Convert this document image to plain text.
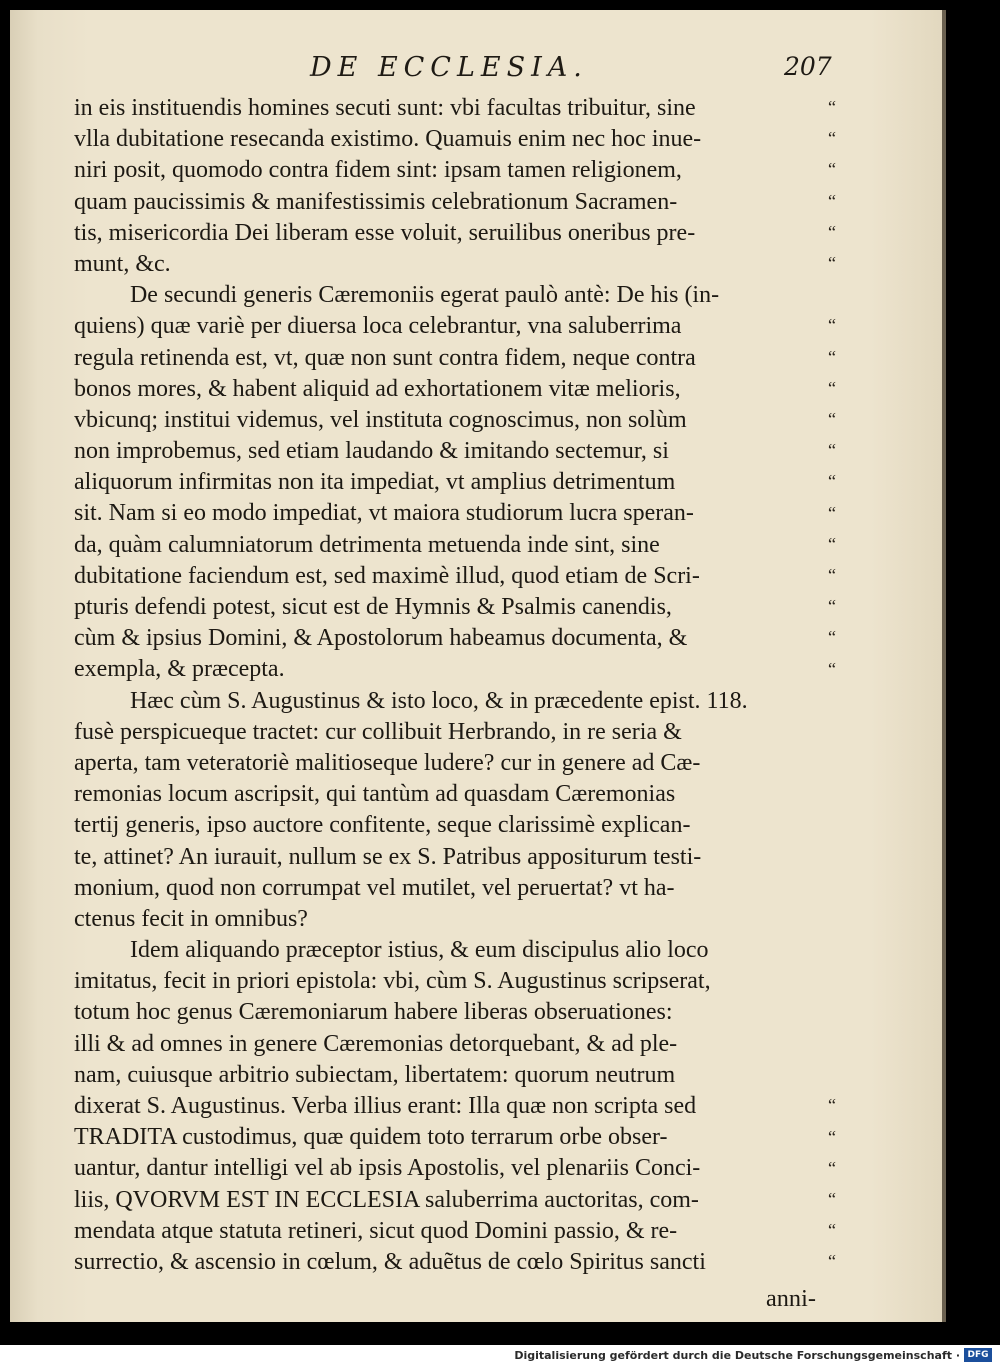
DE ECCLESIA.	207
in eis instituendis homines secuti sunt: vbi facultas tribuitur, sine
vlla dubitatione resecanda existimo. Quamuis enim nec hoc inue-
niri posit, quomodo contra fidem sint: ipsam tamen religionem,
quam paucissimis & manifestissimis celebrationum Sacramen-
tis, misericordia Dei liberam esse voluit, seruilibus oneribus pre-
munt, &c.
De secundi generis Cæremoniis egerat paulò antè: De his (in-
quiens) quæ variè per diuersa loca celebrantur, vna saluberrima
regula retinenda est, vt, quæ non sunt contra fidem, neque contra
bonos mores, & habent aliquid ad exhortationem vitæ melioris,
vbicunq; institui videmus, vel instituta cognoscimus, non solùm
non improbemus, sed etiam laudando & imitando sectemur, si
aliquorum infirmitas non ita impediat, vt amplius detrimentum
sit. Nam si eo modo impediat, vt maiora studiorum lucra speran-
da, quàm calumniatorum detrimenta metuenda inde sint, sine
dubitatione faciendum est, sed maximè illud, quod etiam de Scri-
pturis defendi potest, sicut est de Hymnis & Psalmis canendis,
cùm & ipsius Domini, & Apostolorum habeamus documenta, &
exempla, & præcepta.
Hæc cùm S. Augustinus & isto loco, & in præcedente epist. 118.
fusè perspicueque tractet: cur collibuit Herbrando, in re seria &
aperta, tam veteratoriè malitioseque ludere? cur in genere ad Cæ-
remonias locum ascripsit, qui tantùm ad quasdam Cæremonias
tertij generis, ipso auctore confitente, seque clarissimè explican-
te, attinet? An iurauit, nullum se ex S. Patribus appositurum testi-
monium, quod non corrumpat vel mutilet, vel peruertat? vt ha-
ctenus fecit in omnibus?
Idem aliquando præceptor istius, & eum discipulus alio loco
imitatus, fecit in priori epistola: vbi, cùm S. Augustinus scripserat,
totum hoc genus Cæremoniarum habere liberas obseruationes:
illi & ad omnes in genere Cæremonias detorquebant, & ad ple-
nam, cuiusque arbitrio subiectam, libertatem: quorum neutrum
dixerat S. Augustinus. Verba illius erant: Illa quæ non scripta sed
TRADITA custodimus, quæ quidem toto terrarum orbe obser-
uantur, dantur intelligi vel ab ipsis Apostolis, vel plenariis Conci-
liis, QVORVM EST IN ECCLESIA saluberrima auctoritas, com-
mendata atque statuta retineri, sicut quod Domini passio, & re-
surrectio, & ascensio in cœlum, & aduẽtus de cœlo Spiritus sancti
“
“
“
“
“
“
“
“
“
“
“
“
“
“
“
“
“
“
“
“
“
“
“
“
anni-
Digitalisierung gefördert durch die Deutsche Forschungsgemeinschaft · DFG
